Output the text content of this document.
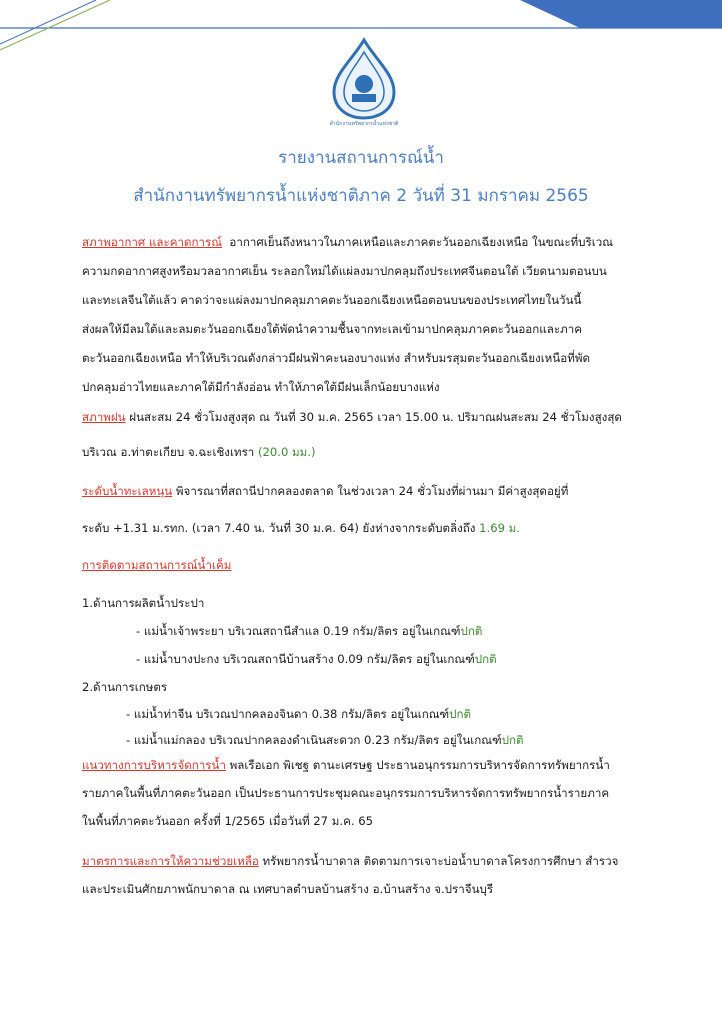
สำนักงานทรัพยากรน้ำแห่งชาติ
รายงานสถานการณ์น้ำ
สำนักงานทรัพยากรน้ำแห่งชาติภาค 2 วันที่ 31 มกราคม 2565
สภาพอากาศ และคาดการณ์ อากาศเย็นถึงหนาวในภาคเหนือและภาคตะวันออกเฉียงเหนือ ในขณะที่บริเวณ
ความกดอากาศสูงหรือมวลอากาศเย็น ระลอกใหม่ได้แผ่ลงมาปกคลุมถึงประเทศจีนตอนใต้ เวียดนามตอนบน
และทะเลจีนใต้แล้ว คาดว่าจะแผ่ลงมาปกคลุมภาคตะวันออกเฉียงเหนือตอนบนของประเทศไทยในวันนี้
ส่งผลให้มีลมใต้และลมตะวันออกเฉียงใต้พัดนำความชื้นจากทะเลเข้ามาปกคลุมภาคตะวันออกและภาค
ตะวันออกเฉียงเหนือ ทำให้บริเวณดังกล่าวมีฝนฟ้าคะนองบางแห่ง สำหรับมรสุมตะวันออกเฉียงเหนือที่พัด
ปกคลุมอ่าวไทยและภาคใต้มีกำลังอ่อน ทำให้ภาคใต้มีฝนเล็กน้อยบางแห่ง
สภาพฝน ฝนสะสม 24 ชั่วโมงสูงสุด ณ วันที่ 30 ม.ค. 2565 เวลา 15.00 น. ปริมาณฝนสะสม 24 ชั่วโมงสูงสุด
บริเวณ อ.ท่าตะเกียบ จ.ฉะเชิงเทรา (20.0 มม.)
ระดับน้ำทะเลหนุน พิจารณาที่สถานีปากคลองตลาด ในช่วงเวลา 24 ชั่วโมงที่ผ่านมา มีค่าสูงสุดอยู่ที่
ระดับ +1.31 ม.รทก. (เวลา 7.40 น. วันที่ 30 ม.ค. 64) ยังห่างจากระดับตลิ่งถึง 1.69 ม.
การติดตามสถานการณ์น้ำเค็ม
1.ด้านการผลิตน้ำประปา
- แม่น้ำเจ้าพระยา บริเวณสถานีสำแล 0.19 กรัม/ลิตร อยู่ในเกณฑ์ปกติ
- แม่น้ำบางปะกง บริเวณสถานีบ้านสร้าง 0.09 กรัม/ลิตร อยู่ในเกณฑ์ปกติ
2.ด้านการเกษตร
- แม่น้ำท่าจีน บริเวณปากคลองจินดา 0.38 กรัม/ลิตร อยู่ในเกณฑ์ปกติ
- แม่น้ำแม่กลอง บริเวณปากคลองดำเนินสะดวก 0.23 กรัม/ลิตร อยู่ในเกณฑ์ปกติ
แนวทางการบริหารจัดการน้ำ พลเรือเอก พิเชฐ ตานะเศรษฐ ประธานอนุกรรมการบริหารจัดการทรัพยากรน้ำ
รายภาคในพื้นที่ภาคตะวันออก เป็นประธานการประชุมคณะอนุกรรมการบริหารจัดการทรัพยากรน้ำรายภาค
ในพื้นที่ภาคตะวันออก ครั้งที่ 1/2565 เมื่อวันที่ 27 ม.ค. 65
มาตรการและการให้ความช่วยเหลือ ทรัพยากรน้ำบาดาล ติดตามการเจาะบ่อน้ำบาดาลโครงการศึกษา สำรวจ
และประเมินศักยภาพนักบาดาล ณ เทศบาลตำบลบ้านสร้าง อ.บ้านสร้าง จ.ปราจีนบุรี
